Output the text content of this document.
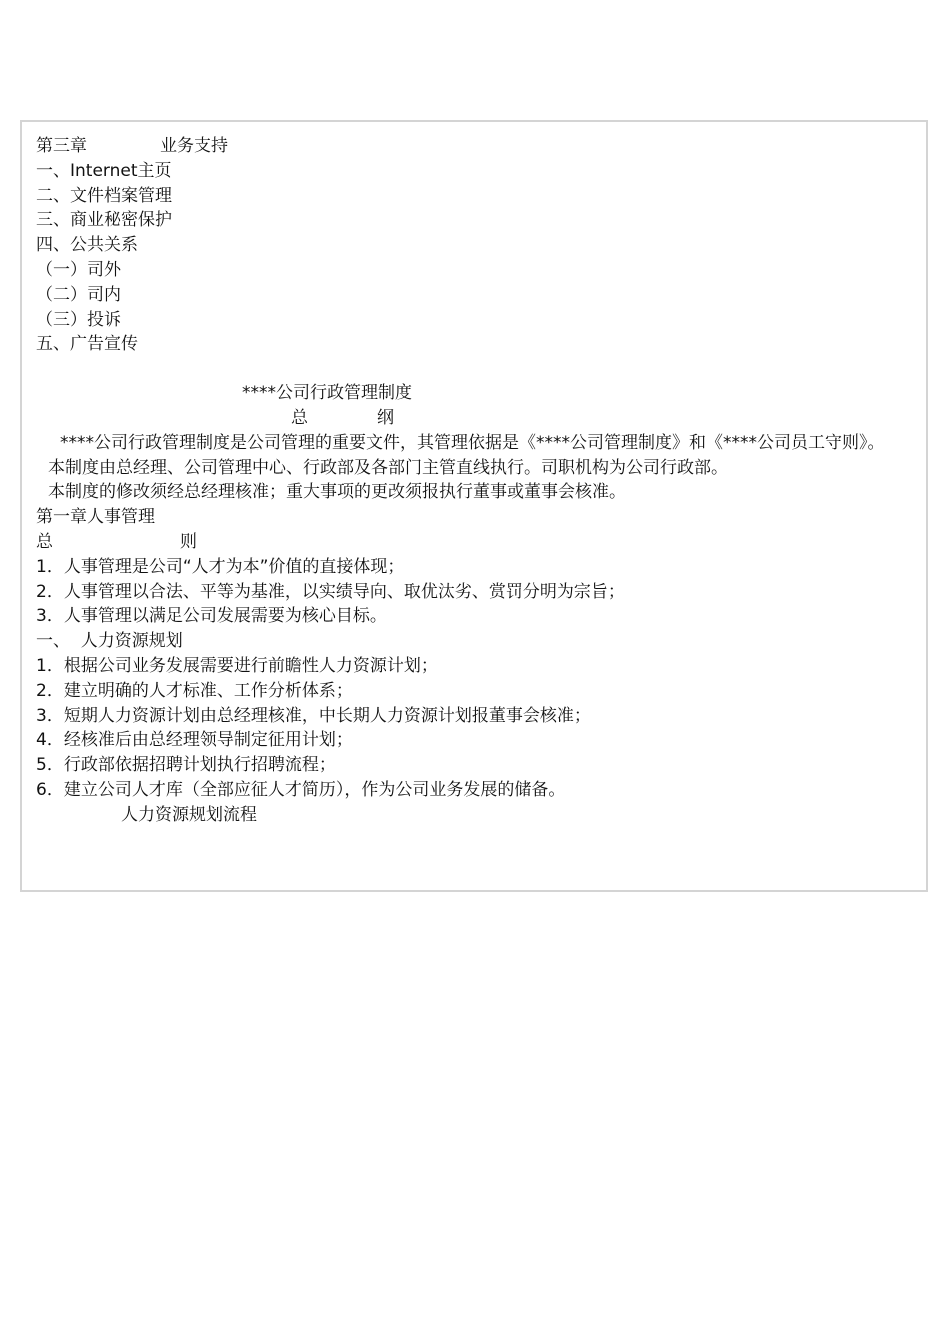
第三章	业务支持
一、Internet主页
二、文件档案管理
三、商业秘密保护
四、公共关系
（一）司外
（二）司内
（三）投诉
五、广告宣传
****公司行政管理制度
总	纲
****公司行政管理制度是公司管理的重要文件，其管理依据是《****公司管理制度》和《****公司员工守则》。
本制度由总经理、公司管理中心、行政部及各部门主管直线执行。司职机构为公司行政部。
本制度的修改须经总经理核准；重大事项的更改须报执行董事或董事会核准。
第一章人事管理
总	则
1．人事管理是公司“人才为本”价值的直接体现；
2．人事管理以合法、平等为基准，以实绩导向、取优汰劣、赏罚分明为宗旨；
3．人事管理以满足公司发展需要为核心目标。
一、  人力资源规划
1．根据公司业务发展需要进行前瞻性人力资源计划；
2．建立明确的人才标准、工作分析体系；
3．短期人力资源计划由总经理核准，中长期人力资源计划报董事会核准；
4．经核准后由总经理领导制定征用计划；
5．行政部依据招聘计划执行招聘流程；
6．建立公司人才库（全部应征人才简历），作为公司业务发展的储备。
人力资源规划流程
